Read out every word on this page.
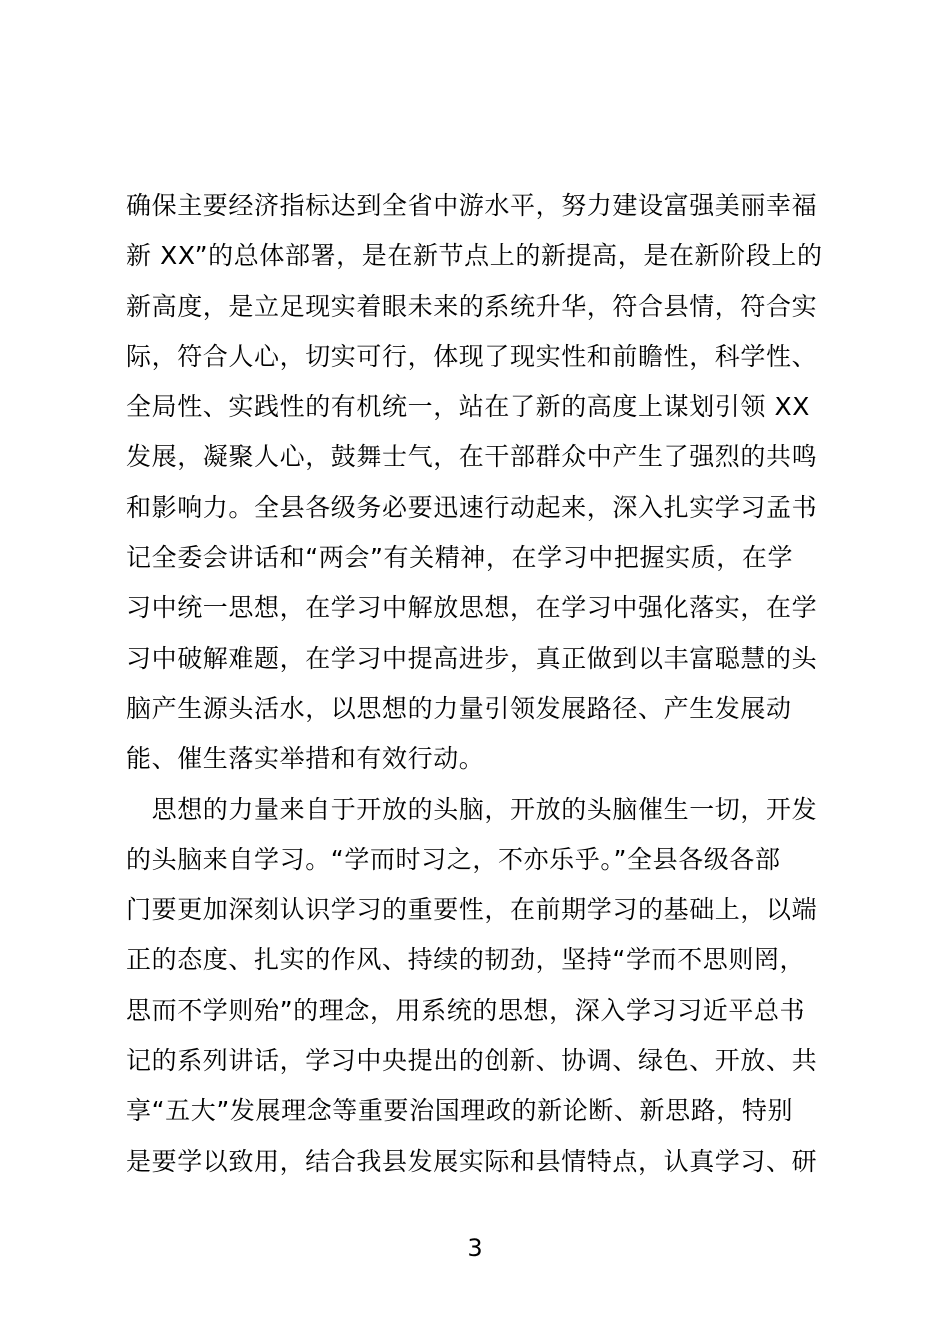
确保主要经济指标达到全省中游水平，努力建设富强美丽幸福
新 XX”的总体部署，是在新节点上的新提高，是在新阶段上的
新高度，是立足现实着眼未来的系统升华，符合县情，符合实
际，符合人心，切实可行，体现了现实性和前瞻性，科学性、
全局性、实践性的有机统一，站在了新的高度上谋划引领 XX
发展，凝聚人心，鼓舞士气，在干部群众中产生了强烈的共鸣
和影响力。全县各级务必要迅速行动起来，深入扎实学习孟书
记全委会讲话和“两会”有关精神，在学习中把握实质，在学
习中统一思想，在学习中解放思想，在学习中强化落实，在学
习中破解难题，在学习中提高进步，真正做到以丰富聪慧的头
脑产生源头活水，以思想的力量引领发展路径、产生发展动
能、催生落实举措和有效行动。
　思想的力量来自于开放的头脑，开放的头脑催生一切，开发
的头脑来自学习。“学而时习之，不亦乐乎。”全县各级各部
门要更加深刻认识学习的重要性，在前期学习的基础上，以端
正的态度、扎实的作风、持续的韧劲，坚持“学而不思则罔，
思而不学则殆”的理念，用系统的思想，深入学习习近平总书
记的系列讲话，学习中央提出的创新、协调、绿色、开放、共
享“五大”发展理念等重要治国理政的新论断、新思路，特别
是要学以致用，结合我县发展实际和县情特点，认真学习、研
3
